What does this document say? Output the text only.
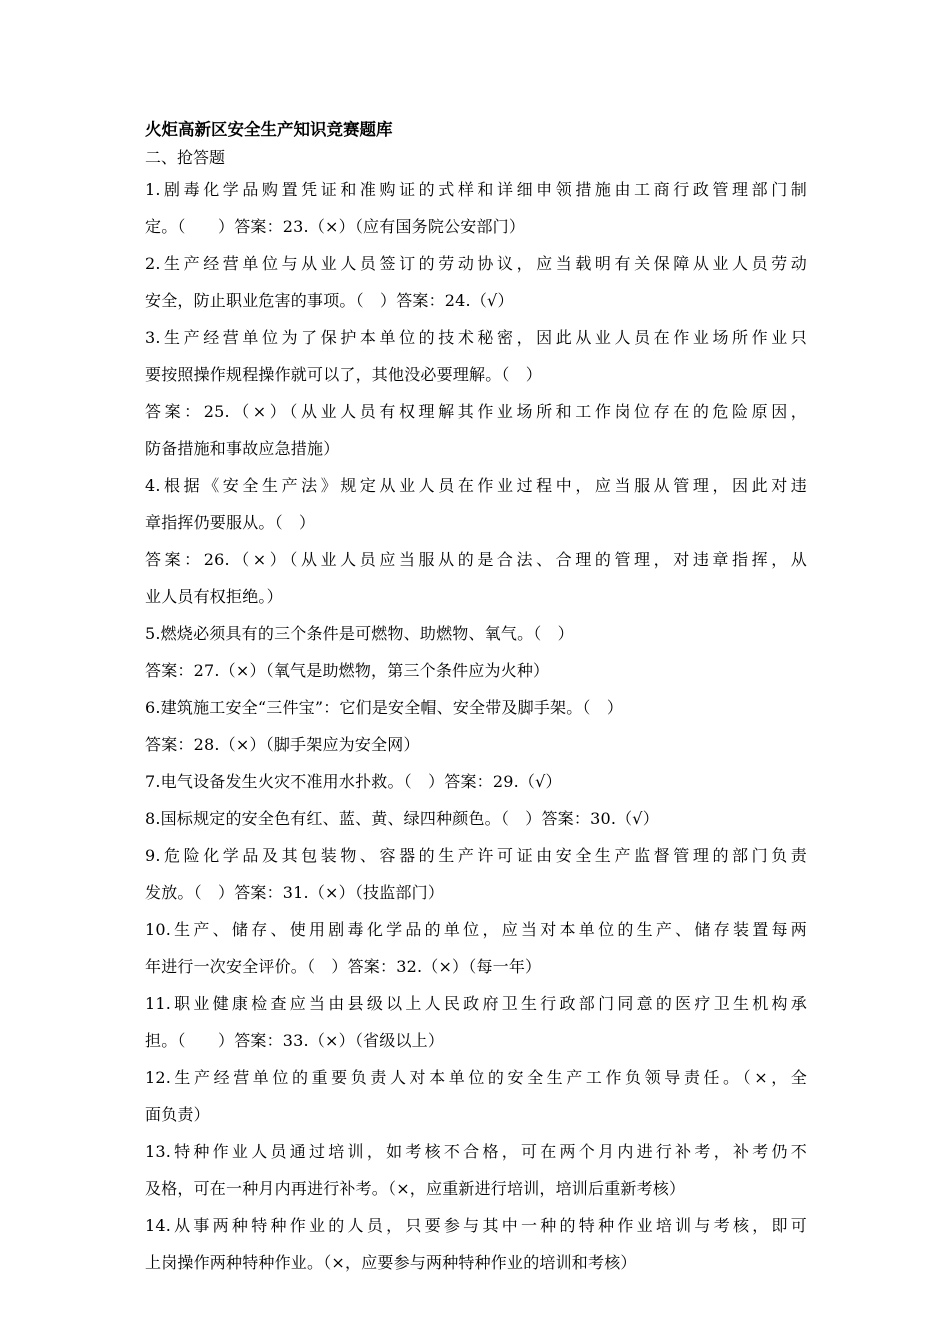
火炬高新区安全生产知识竞赛题库
二、抢答题
1.剧毒化学品购置凭证和准购证的式样和详细申领措施由工商行政管理部门制
定。（　　）答案：23.（×）（应有国务院公安部门）
2.生产经营单位与从业人员签订的劳动协议，应当载明有关保障从业人员劳动
安全，防止职业危害的事项。（　）答案：24.（√）
3.生产经营单位为了保护本单位的技术秘密，因此从业人员在作业场所作业只
要按照操作规程操作就可以了，其他没必要理解。（　）
答案：25.（×）（从业人员有权理解其作业场所和工作岗位存在的危险原因，
防备措施和事故应急措施）
4.根据《安全生产法》规定从业人员在作业过程中，应当服从管理，因此对违
章指挥仍要服从。（　）
答案：26.（×）（从业人员应当服从的是合法、合理的管理，对违章指挥，从
业人员有权拒绝。）
5.燃烧必须具有的三个条件是可燃物、助燃物、氧气。（　）
答案：27.（×）（氧气是助燃物，第三个条件应为火种）
6.建筑施工安全“三件宝”：它们是安全帽、安全带及脚手架。（　）
答案：28.（×）（脚手架应为安全网）
7.电气设备发生火灾不准用水扑救。（　）答案：29.（√）
8.国标规定的安全色有红、蓝、黄、绿四种颜色。（　）答案：30.（√）
9.危险化学品及其包装物、容器的生产许可证由安全生产监督管理的部门负责
发放。（　）答案：31.（×）（技监部门）
10.生产、储存、使用剧毒化学品的单位，应当对本单位的生产、储存装置每两
年进行一次安全评价。（　）答案：32.（×）（每一年）
11.职业健康检查应当由县级以上人民政府卫生行政部门同意的医疗卫生机构承
担。（　　）答案：33.（×）（省级以上）
12.生产经营单位的重要负责人对本单位的安全生产工作负领导责任。（×，全
面负责）
13.特种作业人员通过培训，如考核不合格，可在两个月内进行补考，补考仍不
及格，可在一种月内再进行补考。（×，应重新进行培训，培训后重新考核）
14.从事两种特种作业的人员，只要参与其中一种的特种作业培训与考核，即可
上岗操作两种特种作业。（×，应要参与两种特种作业的培训和考核）
